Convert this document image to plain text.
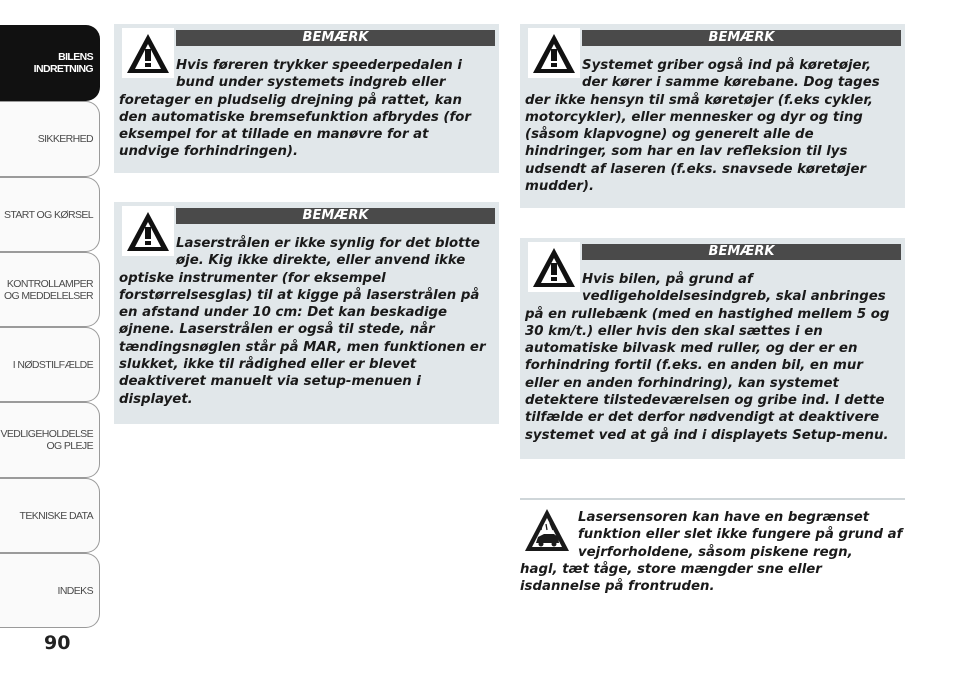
BILENS
INDRETNING
SIKKERHED
START OG KØRSEL
KONTROLLAMPER
OG MEDDELELSER
I NØDSTILFÆLDE
VEDLIGEHOLDELSE
OG PLEJE
TEKNISKE DATA
INDEKS
90
BEMÆRK

Hvis føreren trykker speederpedalen i bund under systemets indgreb eller
foretager en pludselig drejning på rattet, kan den automatiske bremsefunktion afbrydes (for eksempel for at tillade en manøvre for at undvige forhindringen).

BEMÆRK

Laserstrålen er ikke synlig for det blotte øje. Kig ikke direkte, eller anvend ikke
optiske instrumenter (for eksempel forstørrelsesglas) til at kigge på laserstrålen på en afstand under 10 cm: Det kan beskadige øjnene. Laserstrålen er også til stede, når tændingsnøglen står på MAR, men funktionen er slukket, ikke til rådighed eller er blevet deaktiveret manuelt via setup-menuen i displayet.

BEMÆRK

Systemet griber også ind på køretøjer, der kører i samme kørebane. Dog tages
der ikke hensyn til små køretøjer (f.eks cykler, motorcykler), eller mennesker og dyr og ting (såsom klapvogne) og generelt alle de hindringer, som har en lav refleksion til lys udsendt af laseren (f.eks. snavsede køretøjer mudder).

BEMÆRK

Hvis bilen, på grund af vedligeholdelsesindgreb, skal anbringes
på en rullebænk (med en hastighed mellem 5 og 30 km/t.) eller hvis den skal sættes i en automatiske bilvask med ruller, og der er en forhindring fortil (f.eks. en anden bil, en mur eller en anden forhindring), kan systemet detektere tilstedeværelsen og gribe ind. I dette tilfælde er det derfor nødvendigt at deaktivere systemet ved at gå ind i displayets Setup-menu.

Lasersensoren kan have en begrænset funktion eller slet ikke fungere på grund af vejrforholdene, såsom piskene regn,
hagl, tæt tåge, store mængder sne eller isdannelse på frontruden.
